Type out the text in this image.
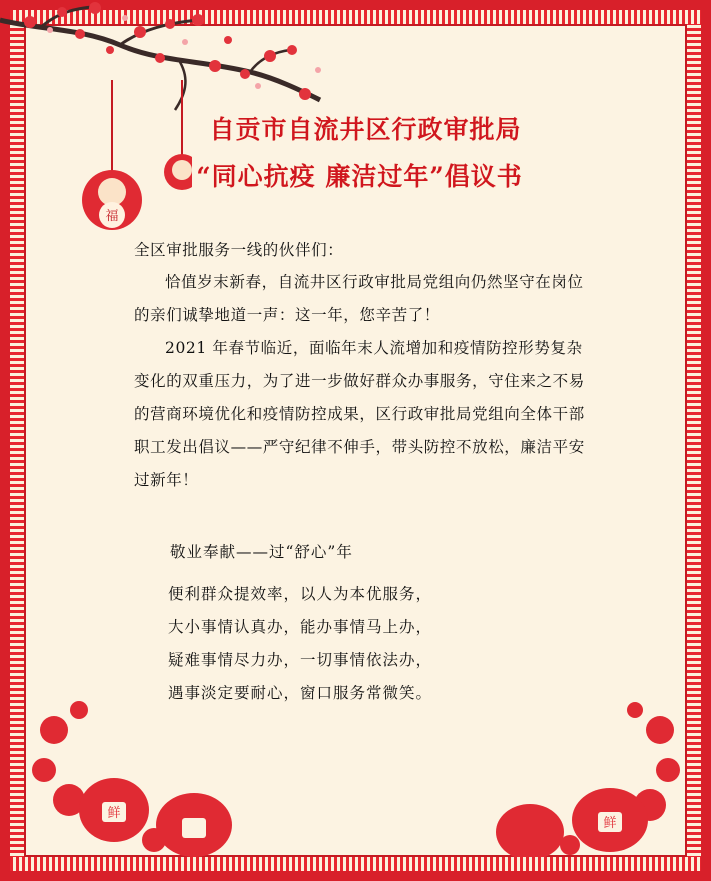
福
鲜
鲜
自贡市自流井区行政审批局
“同心抗疫 廉洁过年”倡议书
全区审批服务一线的伙伴们：
恰值岁末新春，自流井区行政审批局党组向仍然坚守在岗位的亲们诚挚地道一声：这一年，您辛苦了！
2021 年春节临近，面临年末人流增加和疫情防控形势复杂变化的双重压力，为了进一步做好群众办事服务，守住来之不易的营商环境优化和疫情防控成果，区行政审批局党组向全体干部职工发出倡议——严守纪律不伸手，带头防控不放松，廉洁平安过新年！
敬业奉献——过“舒心”年
便利群众提效率，以人为本优服务，
大小事情认真办，能办事情马上办，
疑难事情尽力办，一切事情依法办，
遇事淡定要耐心，窗口服务常微笑。
